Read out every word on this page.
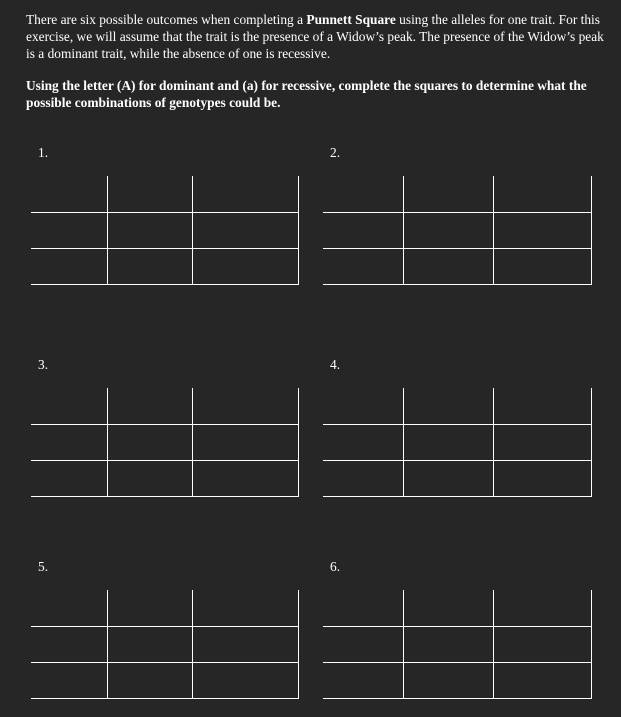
There are six possible outcomes when completing a Punnett Square using the alleles for one trait. For this exercise, we will assume that the trait is the presence of a Widow’s peak. The presence of the Widow’s peak is a dominant trait, while the absence of one is recessive.

Using the letter (A) for dominant and (a) for recessive, complete the squares to determine what the possible combinations of genotypes could be.

1.	2.
3.	4.
5.	6.
